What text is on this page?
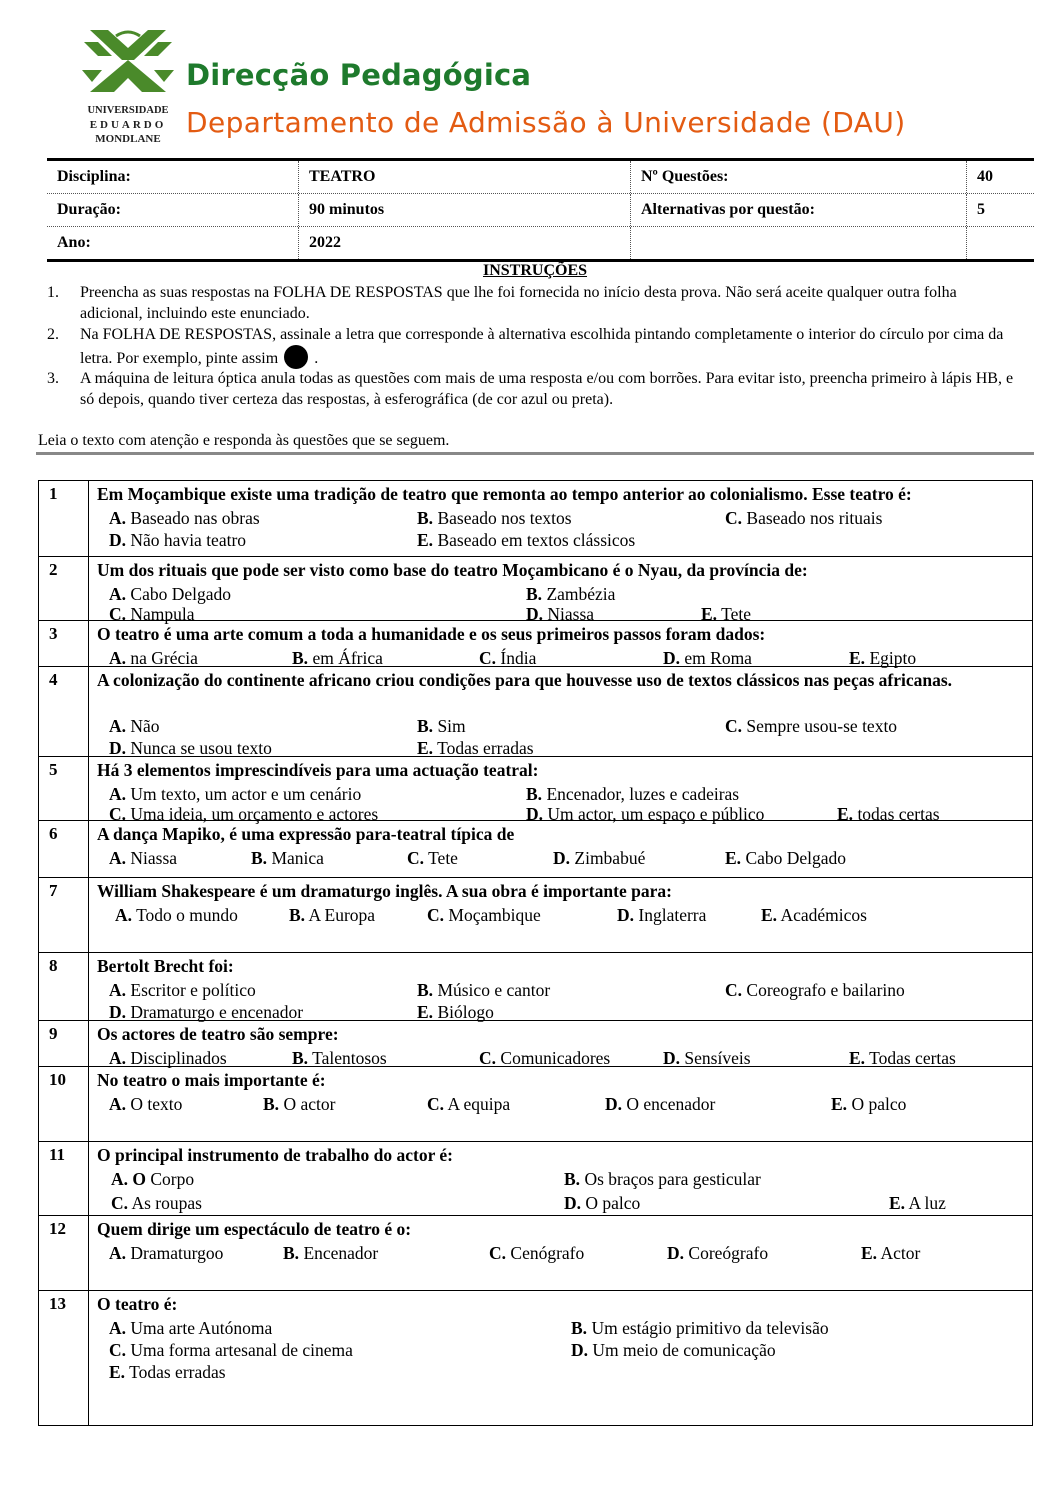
UNIVERSIDADE
EDUARDO
MONDLANE
Direcção Pedagógica
Departamento de Admissão à Universidade (DAU)
Disciplina:	TEATRO	Nº Questões:	40
Duração:	90 minutos	Alternativas por questão:	5
Ano:	2022
INSTRUÇÕES
1. Preencha as suas respostas na FOLHA DE RESPOSTAS que lhe foi fornecida no início desta prova. Não será aceite qualquer outra folha adicional, incluindo este enunciado.
2. Na FOLHA DE RESPOSTAS, assinale a letra que corresponde à alternativa escolhida pintando completamente o interior do círculo por cima da letra. Por exemplo, pinte assim .
3. A máquina de leitura óptica anula todas as questões com mais de uma resposta e/ou com borrões. Para evitar isto, preencha primeiro à lápis HB, e só depois, quando tiver certeza das respostas, à esferográfica (de cor azul ou preta).
Leia o texto com atenção e responda às questões que se seguem.
1	Em Moçambique existe uma tradição de teatro que remonta ao tempo anterior ao colonialismo. Esse teatro é:
A. Baseado nas obras	B. Baseado nos textos	C. Baseado nos rituais
D. Não havia teatro	E. Baseado em textos clássicos
2	Um dos rituais que pode ser visto como base do teatro Moçambicano é o Nyau, da província de:
A. Cabo Delgado	B. Zambézia
C. Nampula	D. Niassa	E. Tete
3	O teatro é uma arte comum a toda a humanidade e os seus primeiros passos foram dados:
A. na Grécia	B. em África	C. Índia	D. em Roma	E. Egipto
4	A colonização do continente africano criou condições para que houvesse uso de textos clássicos nas peças africanas.
A. Não	B. Sim	C. Sempre usou-se texto
D. Nunca se usou texto	E. Todas erradas
5	Há 3 elementos imprescindíveis para uma actuação teatral:
A. Um texto, um actor e um cenário	B. Encenador, luzes e cadeiras
C. Uma ideia, um orçamento e actores	D. Um actor, um espaço e público	E. todas certas
6	A dança Mapiko, é uma expressão para-teatral típica de
A. Niassa	B. Manica	C. Tete	D. Zimbabué	E. Cabo Delgado
7	William Shakespeare é um dramaturgo inglês. A sua obra é importante para:
A. Todo o mundo	B. A Europa	C. Moçambique	D. Inglaterra	E. Académicos
8	Bertolt Brecht foi:
A. Escritor e político	B. Músico e cantor	C. Coreografo e bailarino
D. Dramaturgo e encenador	E. Biólogo
9	Os actores de teatro são sempre:
A. Disciplinados	B. Talentosos	C. Comunicadores	D. Sensíveis	E. Todas certas
10	No teatro o mais importante é:
A. O texto	B. O actor	C. A equipa	D. O encenador	E. O palco
11	O principal instrumento de trabalho do actor é:
A. O Corpo	B. Os braços para gesticular
C. As roupas	D. O palco	E. A luz
12	Quem dirige um espectáculo de teatro é o:
A. Dramaturgoo	B. Encenador	C. Cenógrafo	D. Coreógrafo	E. Actor
13	O teatro é:
A. Uma arte Autónoma	B. Um estágio primitivo da televisão
C. Uma forma artesanal de cinema	D. Um meio de comunicação
E. Todas erradas
